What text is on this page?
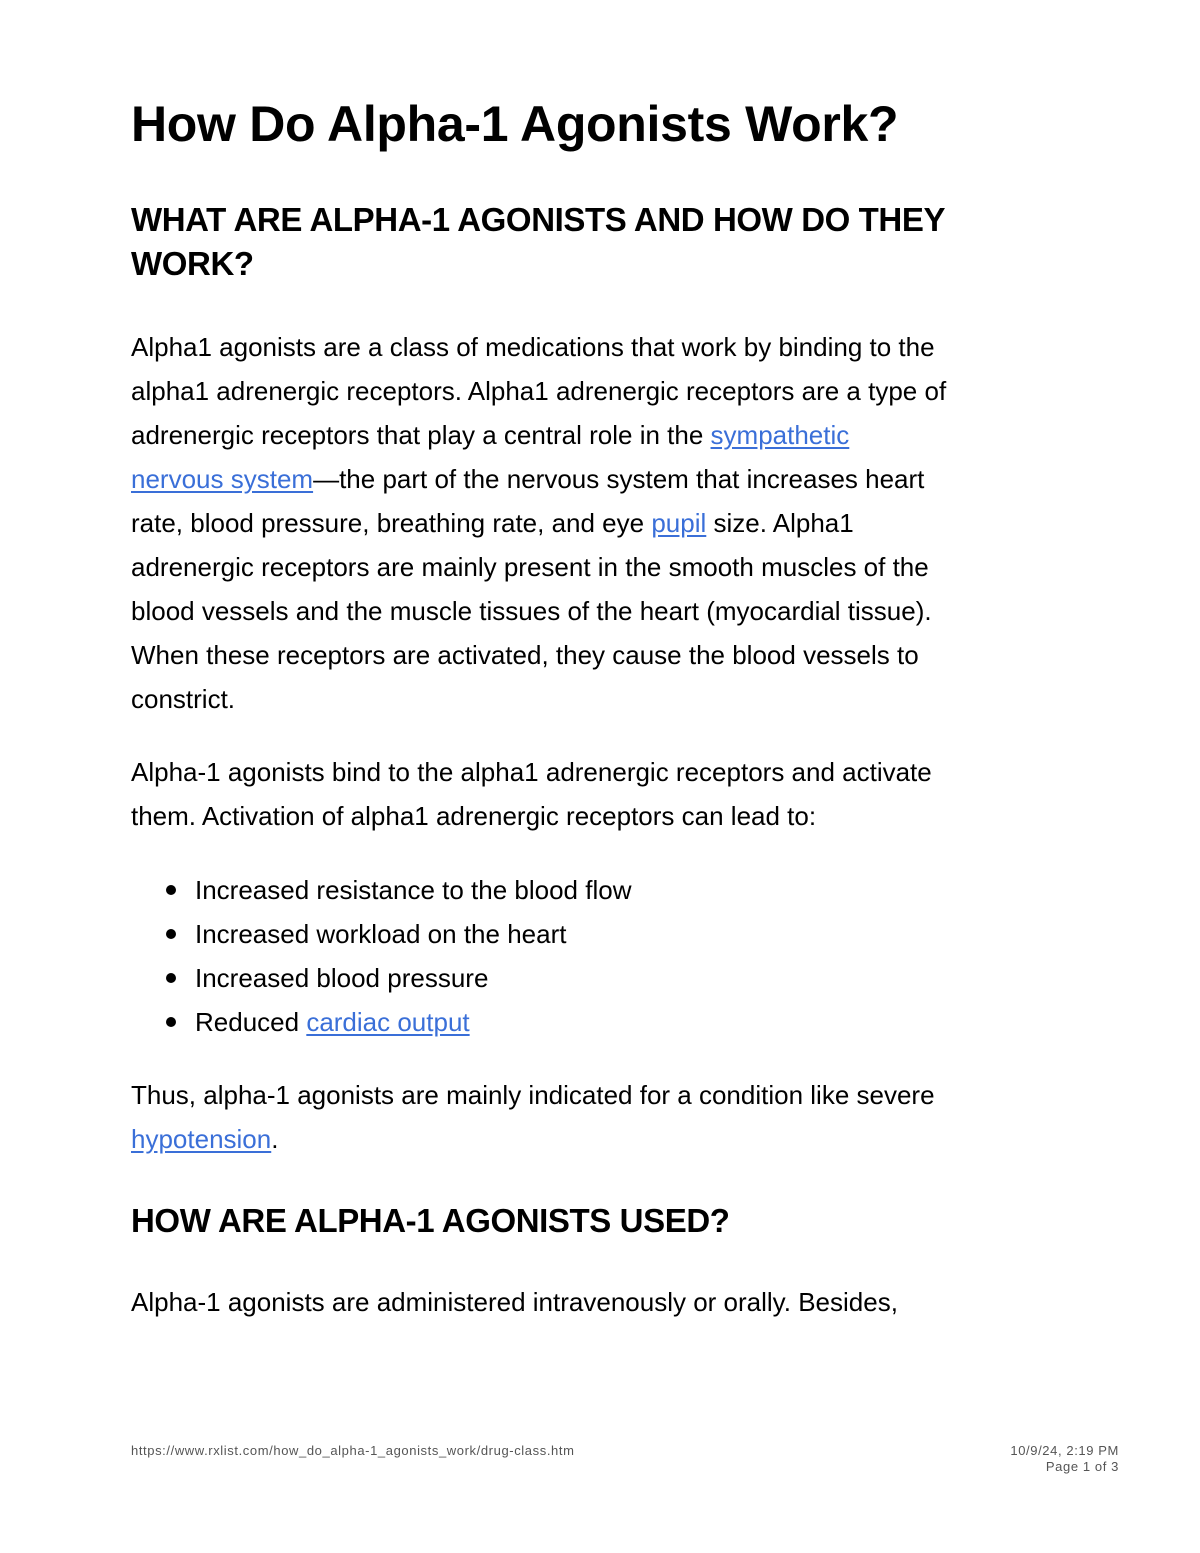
How Do Alpha-1 Agonists Work?
WHAT ARE ALPHA-1 AGONISTS AND HOW DO THEY
WORK?

Alpha1 agonists are a class of medications that work by binding to the
alpha1 adrenergic receptors. Alpha1 adrenergic receptors are a type of
adrenergic receptors that play a central role in the sympathetic
nervous system—the part of the nervous system that increases heart
rate, blood pressure, breathing rate, and eye pupil size. Alpha1
adrenergic receptors are mainly present in the smooth muscles of the
blood vessels and the muscle tissues of the heart (myocardial tissue).
When these receptors are activated, they cause the blood vessels to
constrict.

Alpha-1 agonists bind to the alpha1 adrenergic receptors and activate
them. Activation of alpha1 adrenergic receptors can lead to:

Increased resistance to the blood flow
Increased workload on the heart
Increased blood pressure
Reduced cardiac output

Thus, alpha-1 agonists are mainly indicated for a condition like severe
hypotension.

HOW ARE ALPHA-1 AGONISTS USED?

Alpha-1 agonists are administered intravenously or orally. Besides,

https://www.rxlist.com/how_do_alpha-1_agonists_work/drug-class.htm	10/9/24, 2:19 PM
Page 1 of 3
